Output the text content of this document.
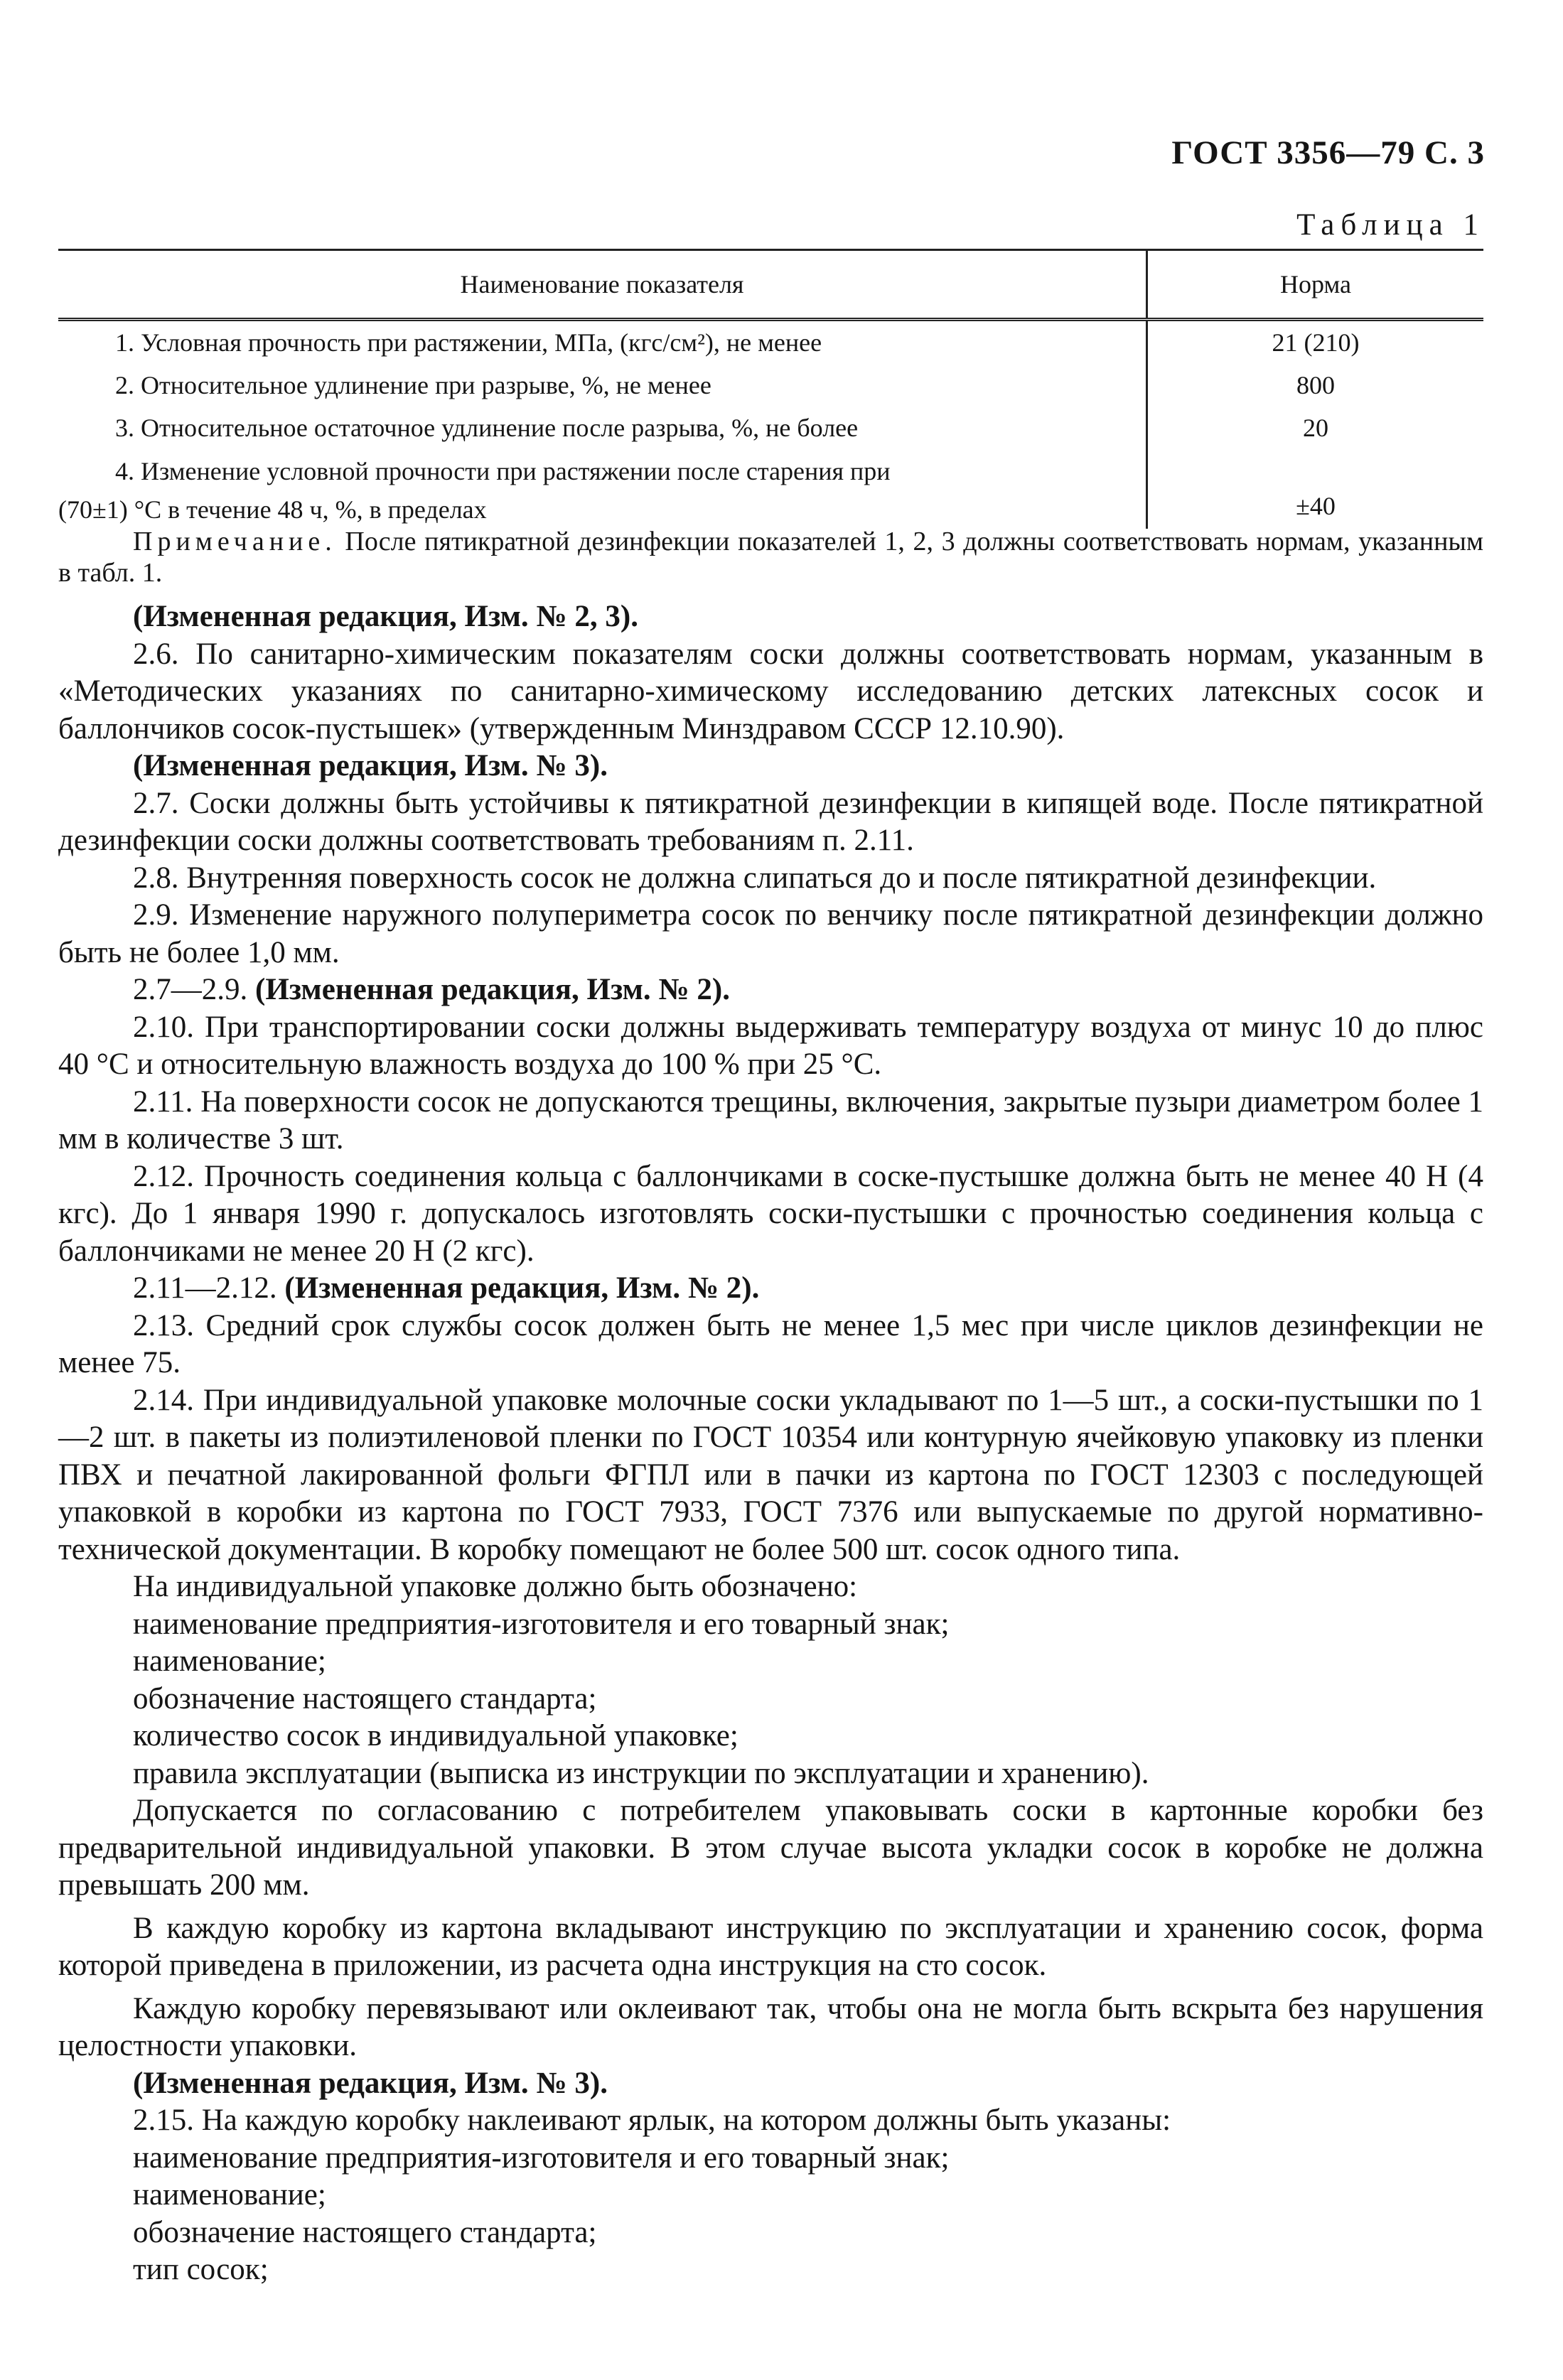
ГОСТ 3356—79 С. 3
Таблица 1
Наименование показателя	Норма
1. Условная прочность при растяжении, МПа, (кгс/см²), не менее	21 (210)
2. Относительное удлинение при разрыве, %, не менее	800
3. Относительное остаточное удлинение после разрыва, %, не более	20
4. Изменение условной прочности при растяжении после старения при
(70±1) °С в течение 48 ч, %, в пределах	±40

Примечание. После пятикратной дезинфекции показателей 1, 2, 3 должны соответствовать нормам, указанным в табл. 1.

(Измененная редакция, Изм. № 2, 3).

2.6. По санитарно-химическим показателям соски должны соответствовать нормам, указанным в «Методических указаниях по санитарно-химическому исследованию детских латексных сосок и баллончиков сосок-пустышек» (утвержденным Минздравом СССР 12.10.90).

(Измененная редакция, Изм. № 3).

2.7. Соски должны быть устойчивы к пятикратной дезинфекции в кипящей воде. После пятикратной дезинфекции соски должны соответствовать требованиям п. 2.11.

2.8. Внутренняя поверхность сосок не должна слипаться до и после пятикратной дезинфекции.

2.9. Изменение наружного полупериметра сосок по венчику после пятикратной дезинфекции должно быть не более 1,0 мм.

2.7—2.9. (Измененная редакция, Изм. № 2).

2.10. При транспортировании соски должны выдерживать температуру воздуха от минус 10 до плюс 40 °С и относительную влажность воздуха до 100 % при 25 °С.

2.11. На поверхности сосок не допускаются трещины, включения, закрытые пузыри диаметром более 1 мм в количестве 3 шт.

2.12. Прочность соединения кольца с баллончиками в соске-пустышке должна быть не менее 40 Н (4 кгс). До 1 января 1990 г. допускалось изготовлять соски-пустышки с прочностью соединения кольца с баллончиками не менее 20 Н (2 кгс).

2.11—2.12. (Измененная редакция, Изм. № 2).

2.13. Средний срок службы сосок должен быть не менее 1,5 мес при числе циклов дезинфекции не менее 75.

2.14. При индивидуальной упаковке молочные соски укладывают по 1—5 шт., а соски-пустышки по 1—2 шт. в пакеты из полиэтиленовой пленки по ГОСТ 10354 или контурную ячейковую упаковку из пленки ПВХ и печатной лакированной фольги ФГПЛ или в пачки из картона по ГОСТ 12303 с последующей упаковкой в коробки из картона по ГОСТ 7933, ГОСТ 7376 или выпускаемые по другой нормативно-технической документации. В коробку помещают не более 500 шт. сосок одного типа.

На индивидуальной упаковке должно быть обозначено:

наименование предприятия-изготовителя и его товарный знак;

наименование;

обозначение настоящего стандарта;

количество сосок в индивидуальной упаковке;

правила эксплуатации (выписка из инструкции по эксплуатации и хранению).

Допускается по согласованию с потребителем упаковывать соски в картонные коробки без предварительной индивидуальной упаковки. В этом случае высота укладки сосок в коробке не должна превышать 200 мм.

В каждую коробку из картона вкладывают инструкцию по эксплуатации и хранению сосок, форма которой приведена в приложении, из расчета одна инструкция на сто сосок.

Каждую коробку перевязывают или оклеивают так, чтобы она не могла быть вскрыта без нарушения целостности упаковки.

(Измененная редакция, Изм. № 3).

2.15. На каждую коробку наклеивают ярлык, на котором должны быть указаны:

наименование предприятия-изготовителя и его товарный знак;

наименование;

обозначение настоящего стандарта;

тип сосок;
